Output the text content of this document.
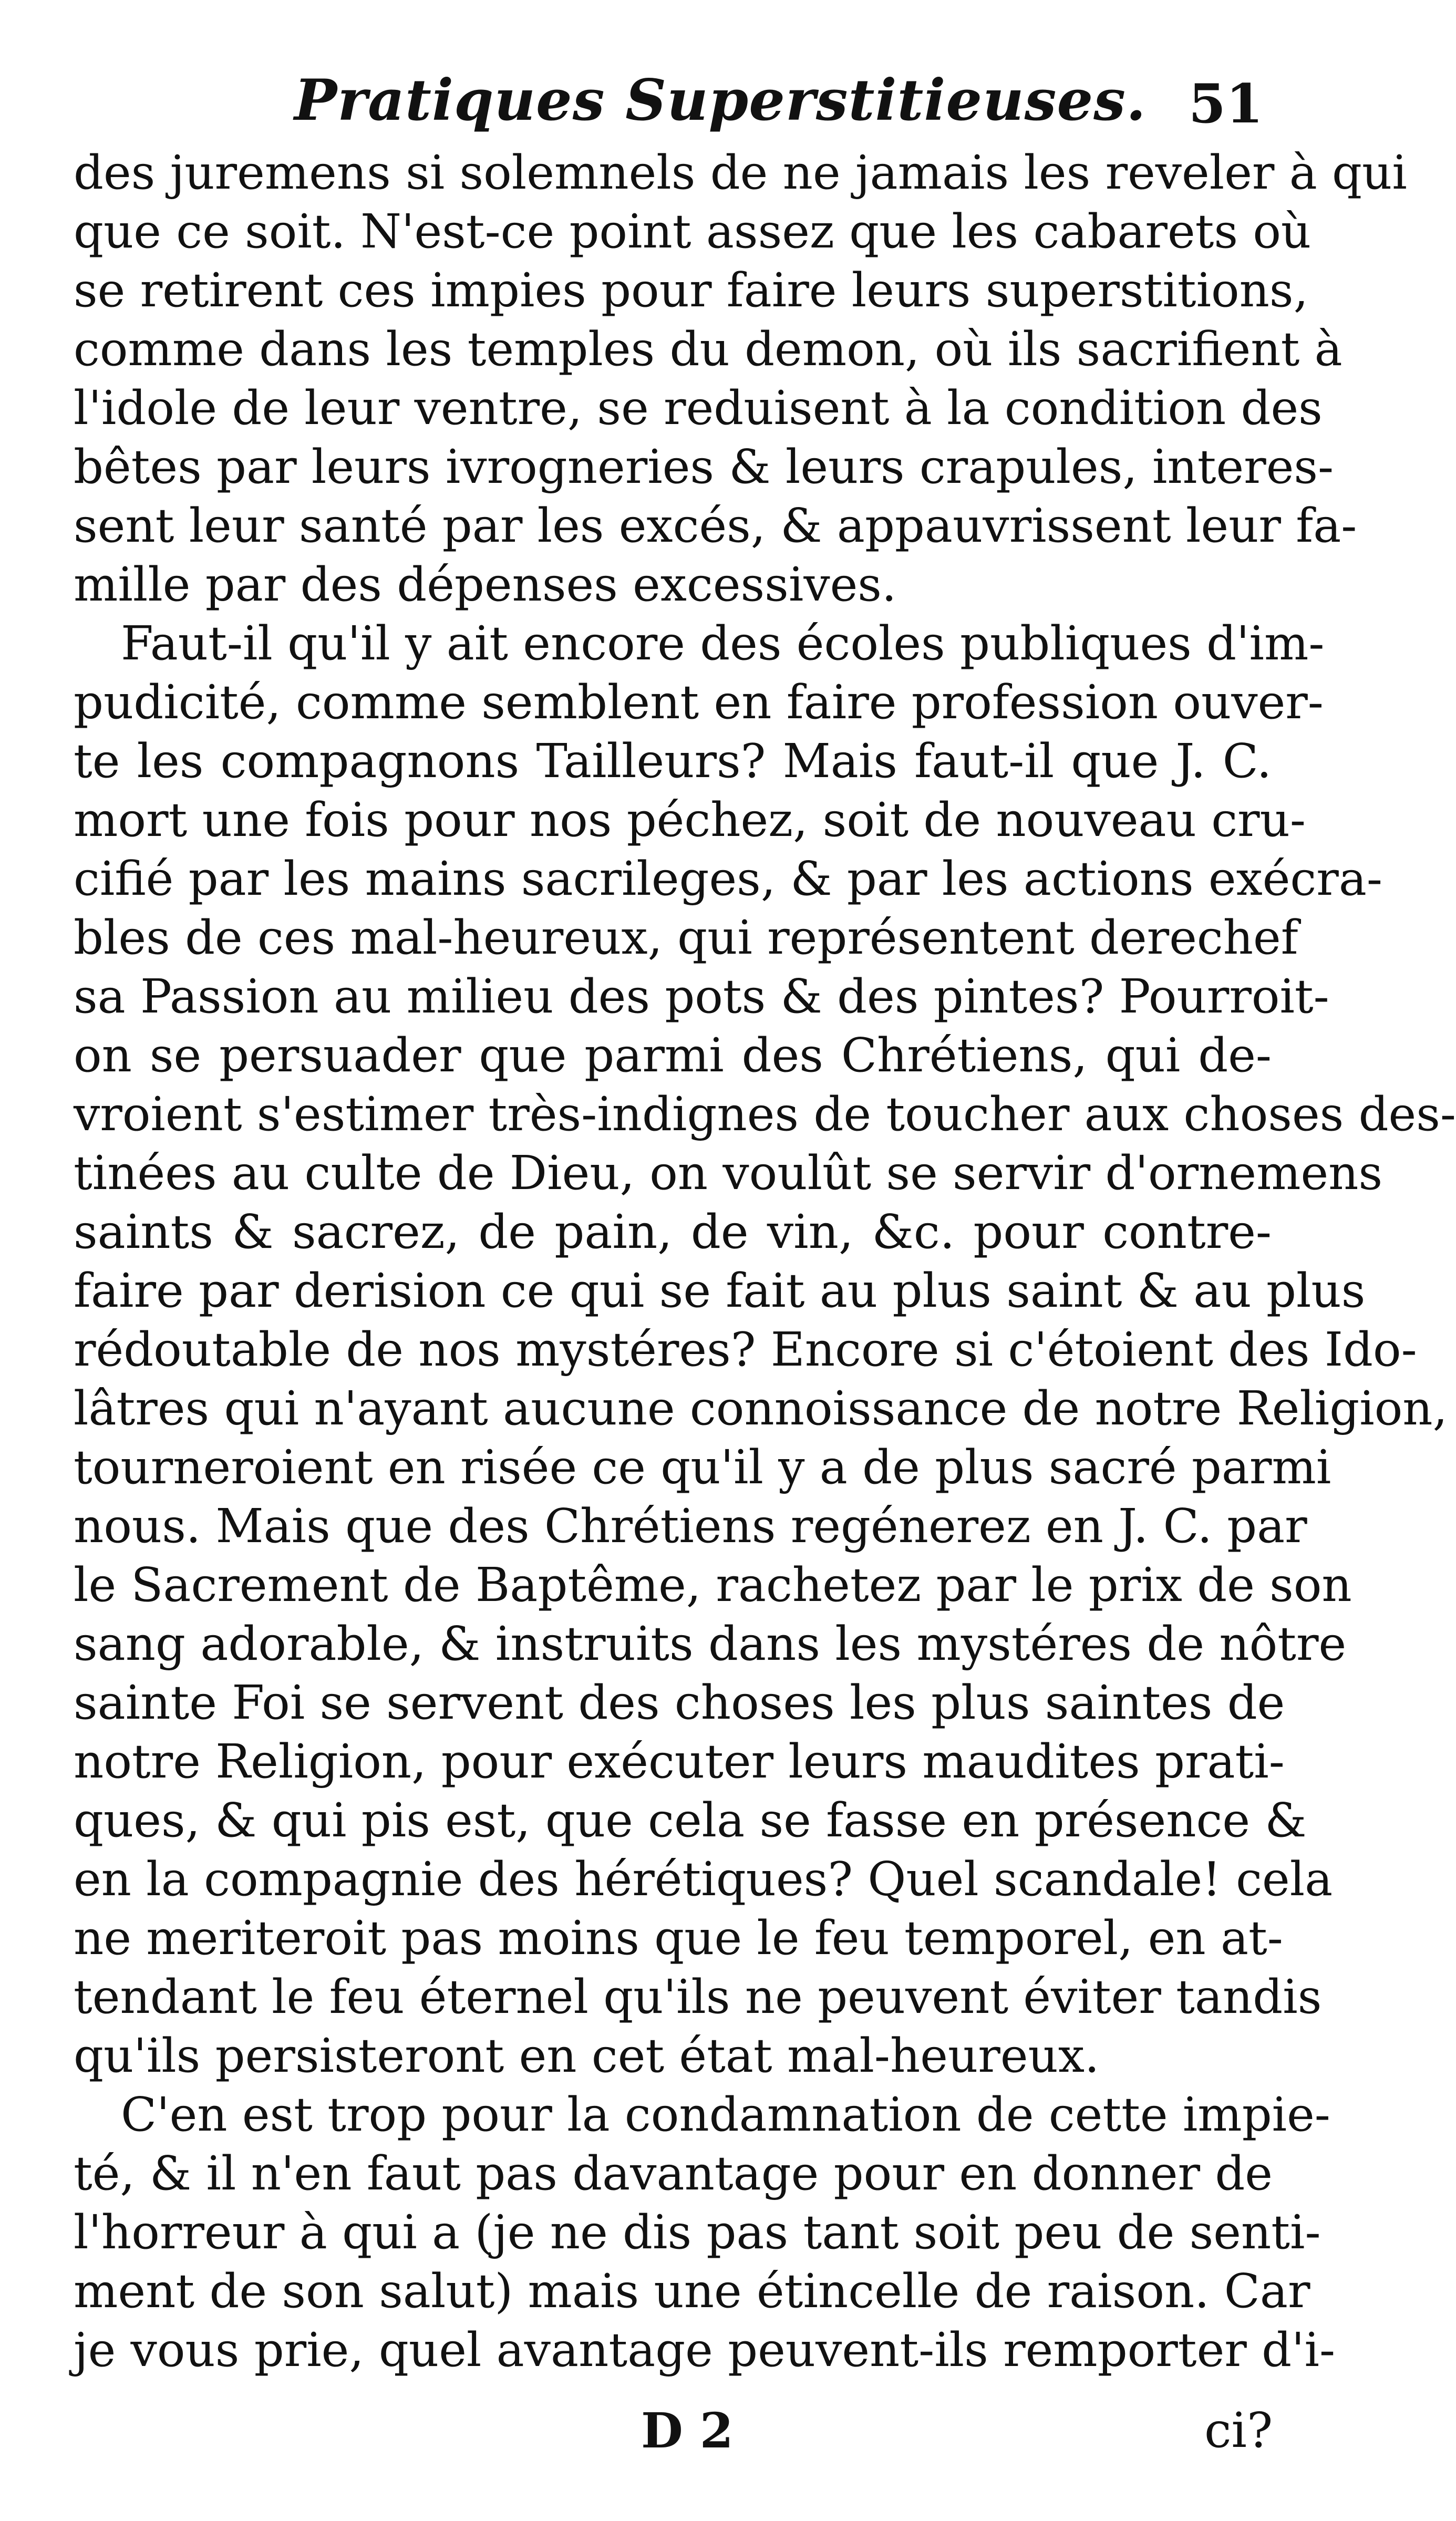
Pratiques Superstitieuses. 51
des juremens si solemnels de ne jamais les reveler à qui
que ce soit. N'est-ce point assez que les cabarets où
se retirent ces impies pour faire leurs superstitions,
comme dans les temples du demon, où ils sacrifient à
l'idole de leur ventre, se reduisent à la condition des
bêtes par leurs ivrogneries & leurs crapules, interes-
sent leur santé par les excés, & appauvrissent leur fa-
mille par des dépenses excessives.
Faut-il qu'il y ait encore des écoles publiques d'im-
pudicité, comme semblent en faire profession ouver-
te les compagnons Tailleurs? Mais faut-il que J. C.
mort une fois pour nos péchez, soit de nouveau cru-
cifié par les mains sacrileges, & par les actions exécra-
bles de ces mal-heureux, qui représentent derechef
sa Passion au milieu des pots & des pintes? Pourroit-
on se persuader que parmi des Chrétiens, qui de-
vroient s'estimer très-indignes de toucher aux choses des-
tinées au culte de Dieu, on voulût se servir d'ornemens
saints & sacrez, de pain, de vin, &c. pour contre-
faire par derision ce qui se fait au plus saint & au plus
rédoutable de nos mystéres? Encore si c'étoient des Ido-
lâtres qui n'ayant aucune connoissance de notre Religion,
tourneroient en risée ce qu'il y a de plus sacré parmi
nous. Mais que des Chrétiens regénerez en J. C. par
le Sacrement de Baptême, rachetez par le prix de son
sang adorable, & instruits dans les mystéres de nôtre
sainte Foi se servent des choses les plus saintes de
notre Religion, pour exécuter leurs maudites prati-
ques, & qui pis est, que cela se fasse en présence &
en la compagnie des hérétiques? Quel scandale! cela
ne meriteroit pas moins que le feu temporel, en at-
tendant le feu éternel qu'ils ne peuvent éviter tandis
qu'ils persisteront en cet état mal-heureux.
C'en est trop pour la condamnation de cette impie-
té, & il n'en faut pas davantage pour en donner de
l'horreur à qui a (je ne dis pas tant soit peu de senti-
ment de son salut) mais une étincelle de raison. Car
je vous prie, quel avantage peuvent-ils remporter d'i-
D 2	ci?
